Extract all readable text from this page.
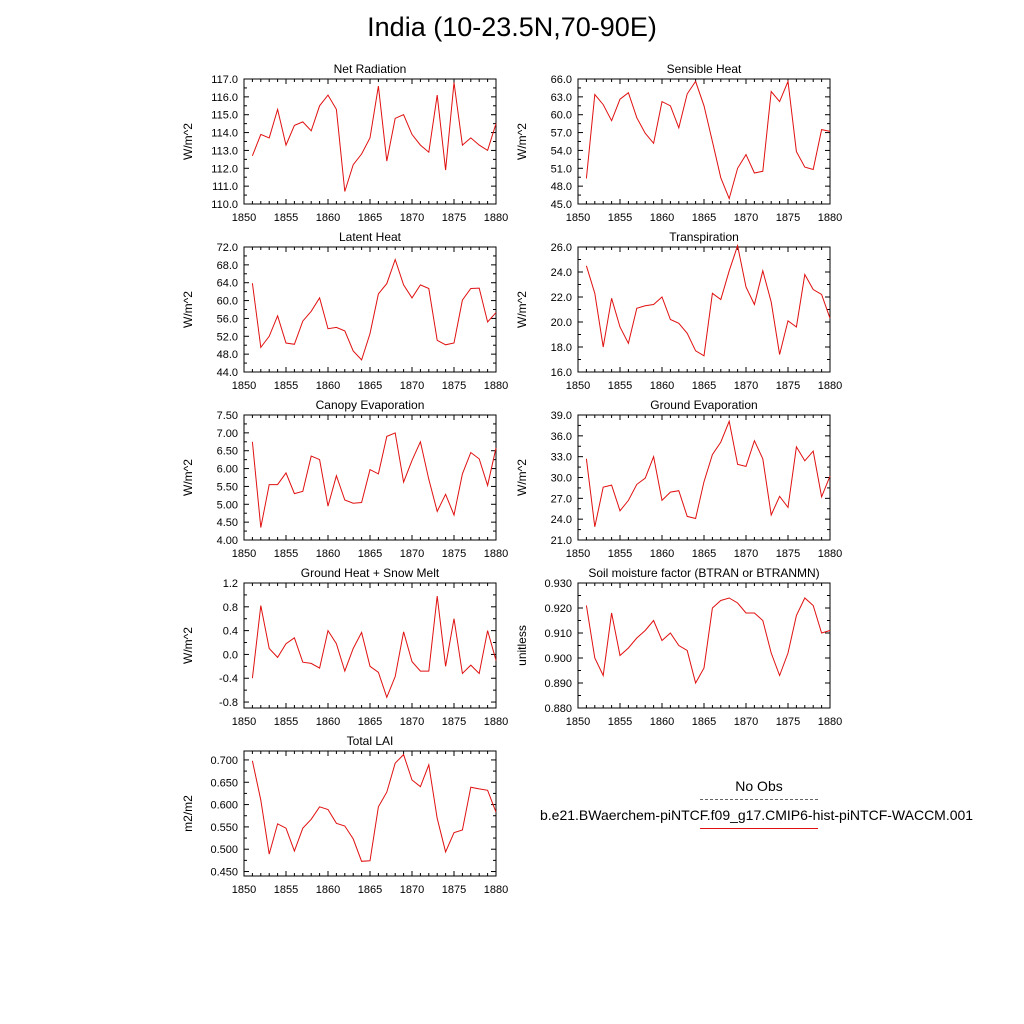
India (10-23.5N,70-90E)
Net Radiation
W/m^2
1850 1855 1860 1865 1870 1875 1880
110.0
111.0
112.0
113.0
114.0
115.0
116.0
117.0
Sensible Heat
W/m^2
1850 1855 1860 1865 1870 1875 1880
45.0
48.0
51.0
54.0
57.0
60.0
63.0
66.0
Latent Heat
W/m^2
1850 1855 1860 1865 1870 1875 1880
44.0
48.0
52.0
56.0
60.0
64.0
68.0
72.0
Transpiration
W/m^2
1850 1855 1860 1865 1870 1875 1880
16.0
18.0
20.0
22.0
24.0
26.0
Canopy Evaporation
W/m^2
1850 1855 1860 1865 1870 1875 1880
4.00
4.50
5.00
5.50
6.00
6.50
7.00
7.50
Ground Evaporation
W/m^2
1850 1855 1860 1865 1870 1875 1880
21.0
24.0
27.0
30.0
33.0
36.0
39.0
Ground Heat + Snow Melt
W/m^2
1850 1855 1860 1865 1870 1875 1880
-0.8
-0.4
0.0
0.4
0.8
1.2
Soil moisture factor (BTRAN or BTRANMN)
unitless
1850 1855 1860 1865 1870 1875 1880
0.880
0.890
0.900
0.910
0.920
0.930
Total LAI
m2/m2
1850 1855 1860 1865 1870 1875 1880
0.450
0.500
0.550
0.600
0.650
0.700
No Obs
b.e21.BWaerchem-piNTCF.f09_g17.CMIP6-hist-piNTCF-WACCM.001
